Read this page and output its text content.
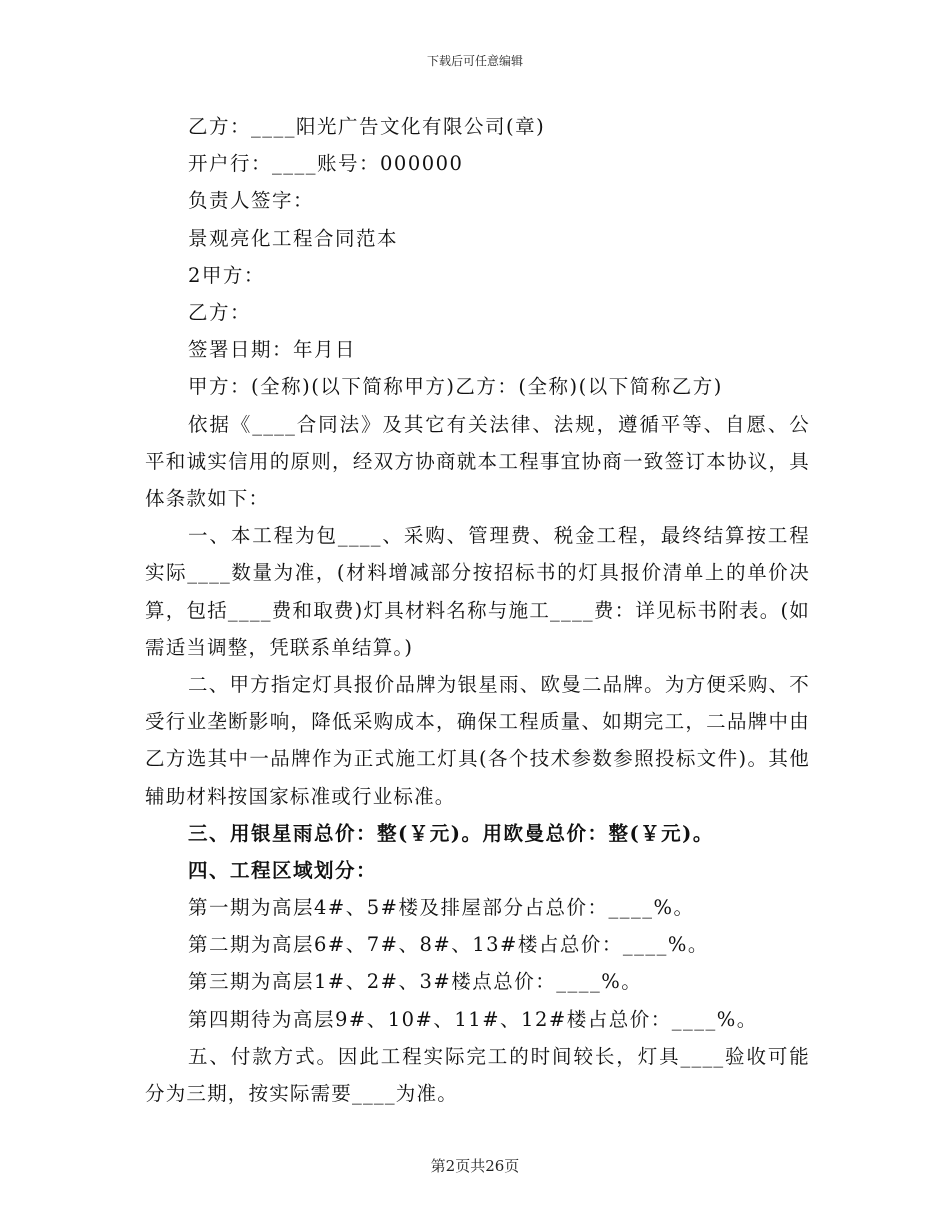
下载后可任意编辑
乙方：____阳光广告文化有限公司(章)
开户行：____账号：000000
负责人签字：
景观亮化工程合同范本
2甲方：
乙方：
签署日期：年月日
甲方：(全称)(以下简称甲方)乙方：(全称)(以下简称乙方)

依据《____合同法》及其它有关法律、法规，遵循平等、自愿、公平和诚实信用的原则，经双方协商就本工程事宜协商一致签订本协议，具体条款如下：

一、本工程为包____、采购、管理费、税金工程，最终结算按工程实际____数量为准，(材料增减部分按招标书的灯具报价清单上的单价决算，包括____费和取费)灯具材料名称与施工____费：详见标书附表。(如需适当调整，凭联系单结算。)

二、甲方指定灯具报价品牌为银星雨、欧曼二品牌。为方便采购、不受行业垄断影响，降低采购成本，确保工程质量、如期完工，二品牌中由乙方选其中一品牌作为正式施工灯具(各个技术参数参照投标文件)。其他辅助材料按国家标准或行业标准。

三、用银星雨总价：整(￥元)。用欧曼总价：整(￥元)。
四、工程区域划分：
第一期为高层4#、5#楼及排屋部分占总价：____%。
第二期为高层6#、7#、8#、13#楼占总价：____%。
第三期为高层1#、2#、3#楼点总价：____%。
第四期待为高层9#、10#、11#、12#楼占总价：____%。

五、付款方式。因此工程实际完工的时间较长，灯具____验收可能分为三期，按实际需要____为准。

第2页共26页
